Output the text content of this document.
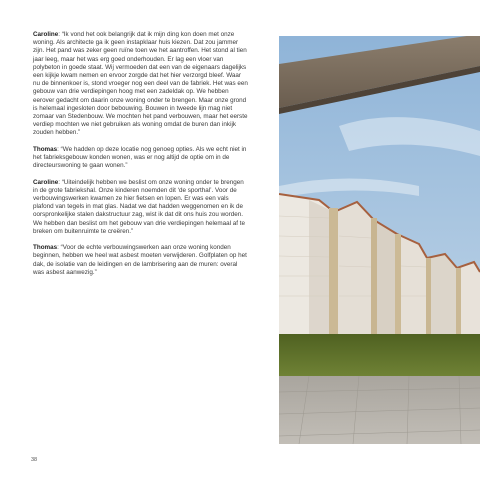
Caroline: “Ik vond het ook belangrijk dat ik mijn ding kon doen met onze woning. Als architecte ga ik geen instapklaar huis kiezen. Dat zou jammer zijn. Het pand was zeker geen ruïne toen we het aantroffen. Het stond al tien jaar leeg, maar het was erg goed onderhouden. Er lag een vloer van polybeton in goede staat. Wij vermoeden dat een van de eigenaars dagelijks een kijkje kwam nemen en ervoor zorgde dat het hier verzorgd bleef. Waar nu de binnenkoer is, stond vroeger nog een deel van de fabriek. Het was een gebouw van drie verdiepingen hoog met een zadeldak op. We hebben eerover gedacht om daarin onze woning onder te brengen. Maar onze grond is helemaal ingesloten door bebouwing. Bouwen in tweede lijn mag niet zomaar van Stedenbouw. We mochten het pand verbouwen, maar het eerste verdiep mochten we niet gebruiken als woning omdat de buren dan inkijk zouden hebben.”

Thomas: “We hadden op deze locatie nog genoeg opties. Als we echt niet in het fabrieksgebouw konden wonen, was er nog altijd de optie om in de directeurswoning te gaan wonen.”

Caroline: “Uiteindelijk hebben we beslist om onze woning onder te brengen in de grote fabriekshal. Onze kinderen noemden dit ‘de sporthal’. Voor de verbouwingswerken kwamen ze hier fietsen en lopen. Er was een vals plafond van tegels in mat glas. Nadat we dat hadden weggenomen en ik de oorspronkelijke stalen dakstructuur zag, wist ik dat dit ons huis zou worden. We hebben dan beslist om het gebouw van drie verdiepingen helemaal af te breken om buitenruimte te creëren.”

Thomas: “Voor de echte verbouwingswerken aan onze woning konden beginnen, hebben we heel wat asbest moeten verwijderen. Golfplaten op het dak, de isolatie van de leidingen en de lambrisering aan de muren: overal was asbest aanwezig.”

38
